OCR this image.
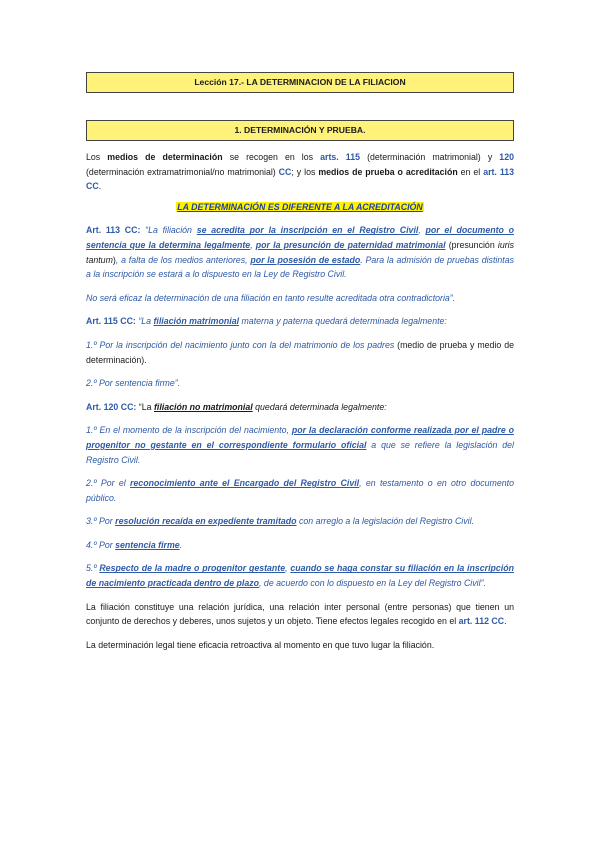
Lección 17.- LA DETERMINACION DE LA FILIACION
1. DETERMINACIÓN Y PRUEBA.

Los medios de determinación se recogen en los arts. 115 (determinación matrimonial) y 120 (determinación extramatrimonial/no matrimonial) CC; y los medios de prueba o acreditación en el art. 113 CC.

LA DETERMINACIÓN ES DIFERENTE A LA ACREDITACIÓN

Art. 113 CC: “La filiación se acredita por la inscripción en el Registro Civil, por el documento o sentencia que la determina legalmente, por la presunción de paternidad matrimonial (presunción iuris tantum), a falta de los medios anteriores, por la posesión de estado. Para la admisión de pruebas distintas a la inscripción se estará a lo dispuesto en la Ley de Registro Civil.

No será eficaz la determinación de una filiación en tanto resulte acreditada otra contradictoria”.

Art. 115 CC: “La filiación matrimonial materna y paterna quedará determinada legalmente:

1.º Por la inscripción del nacimiento junto con la del matrimonio de los padres (medio de prueba y medio de determinación).

2.º Por sentencia firme”.

Art. 120 CC: “La filiación no matrimonial quedará determinada legalmente:

1.º En el momento de la inscripción del nacimiento, por la declaración conforme realizada por el padre o progenitor no gestante en el correspondiente formulario oficial a que se refiere la legislación del Registro Civil.

2.º Por el reconocimiento ante el Encargado del Registro Civil, en testamento o en otro documento público.

3.º Por resolución recaída en expediente tramitado con arreglo a la legislación del Registro Civil.

4.º Por sentencia firme.

5.º Respecto de la madre o progenitor gestante, cuando se haga constar su filiación en la inscripción de nacimiento practicada dentro de plazo, de acuerdo con lo dispuesto en la Ley del Registro Civil”.

La filiación constituye una relación jurídica, una relación inter personal (entre personas) que tienen un conjunto de derechos y deberes, unos sujetos y un objeto. Tiene efectos legales recogido en el art. 112 CC.

La determinación legal tiene eficacia retroactiva al momento en que tuvo lugar la filiación.
